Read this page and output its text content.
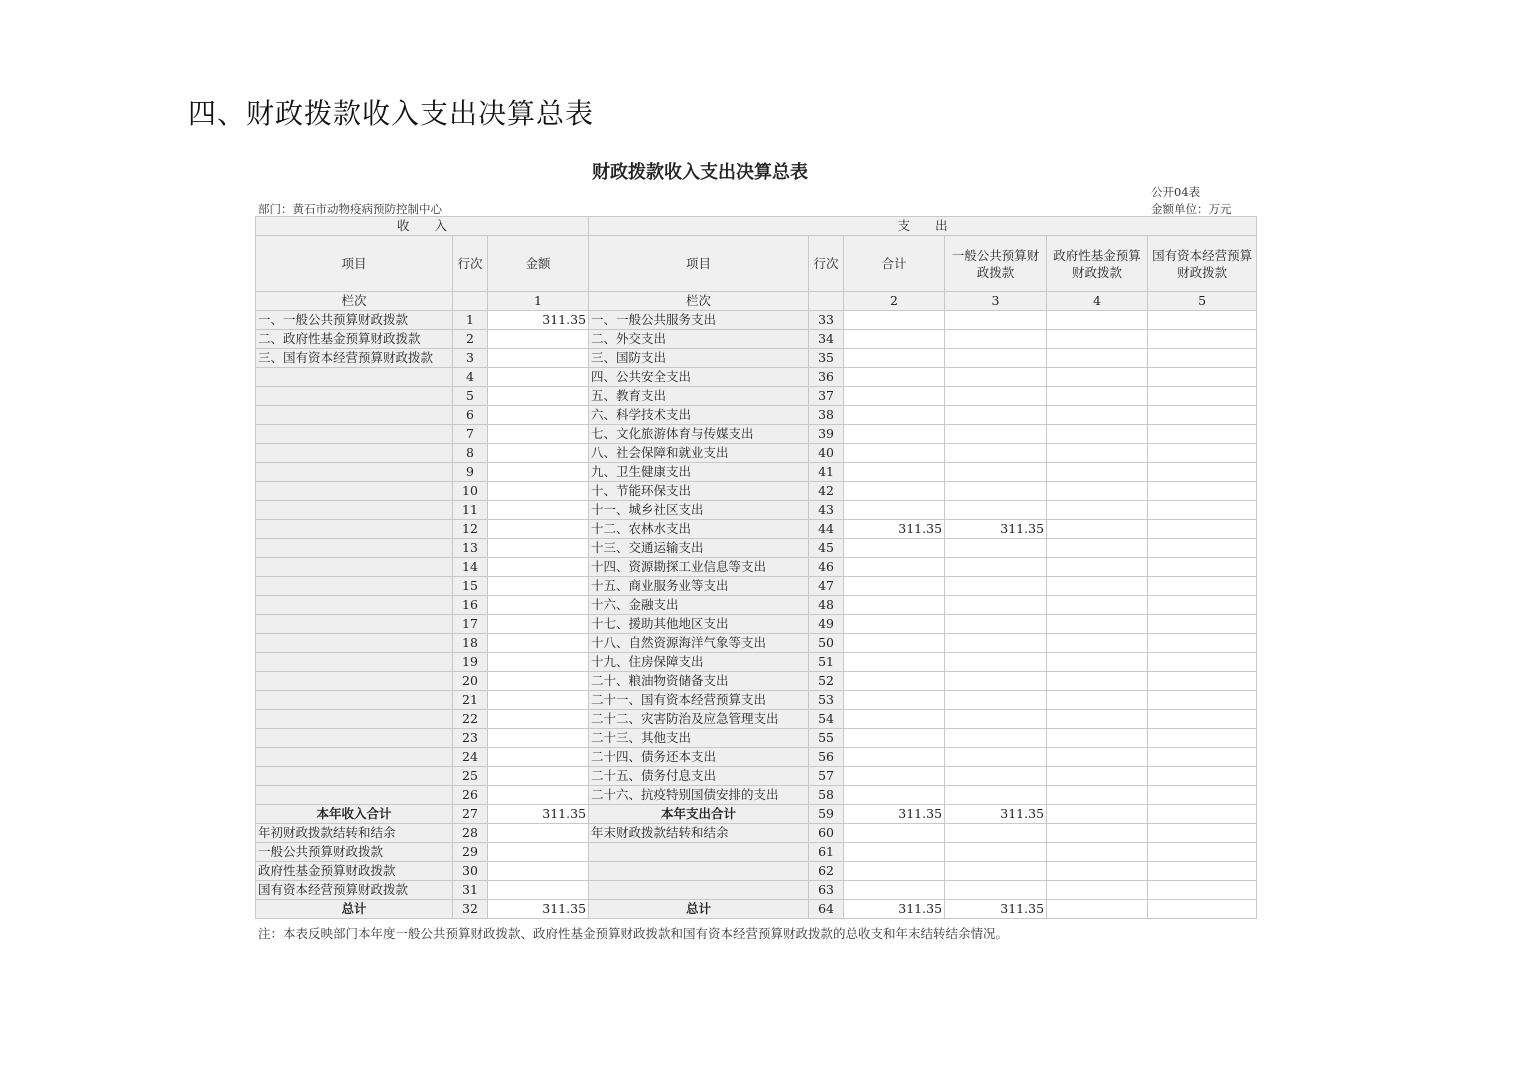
四、财政拨款收入支出决算总表
财政拨款收入支出决算总表
公开04表
部门：黄石市动物疫病预防控制中心	金额单位：万元
收　　入			支　　出					
项目	行次	金额	项目	行次	合计	一般公共预算财政拨款	政府性基金预算财政拨款	国有资本经营预算财政拨款
栏次		1	栏次		2	3	4	5
一、一般公共预算财政拨款	1	311.35	一、一般公共服务支出	33				
二、政府性基金预算财政拨款	2		二、外交支出	34				
三、国有资本经营预算财政拨款	3		三、国防支出	35				
	4		四、公共安全支出	36				
	5		五、教育支出	37				
	6		六、科学技术支出	38				
	7		七、文化旅游体育与传媒支出	39				
	8		八、社会保障和就业支出	40				
	9		九、卫生健康支出	41				
	10		十、节能环保支出	42				
	11		十一、城乡社区支出	43				
	12		十二、农林水支出	44	311.35	311.35		
	13		十三、交通运输支出	45				
	14		十四、资源勘探工业信息等支出	46				
	15		十五、商业服务业等支出	47				
	16		十六、金融支出	48				
	17		十七、援助其他地区支出	49				
	18		十八、自然资源海洋气象等支出	50				
	19		十九、住房保障支出	51				
	20		二十、粮油物资储备支出	52				
	21		二十一、国有资本经营预算支出	53				
	22		二十二、灾害防治及应急管理支出	54				
	23		二十三、其他支出	55				
	24		二十四、债务还本支出	56				
	25		二十五、债务付息支出	57				
	26		二十六、抗疫特别国债安排的支出	58				
本年收入合计	27	311.35	本年支出合计	59	311.35	311.35		
年初财政拨款结转和结余	28		年末财政拨款结转和结余	60				
一般公共预算财政拨款	29			61				
政府性基金预算财政拨款	30			62				
国有资本经营预算财政拨款	31			63				
总计	32	311.35	总计	64	311.35	311.35		
注：本表反映部门本年度一般公共预算财政拨款、政府性基金预算财政拨款和国有资本经营预算财政拨款的总收支和年末结转结余情况。
